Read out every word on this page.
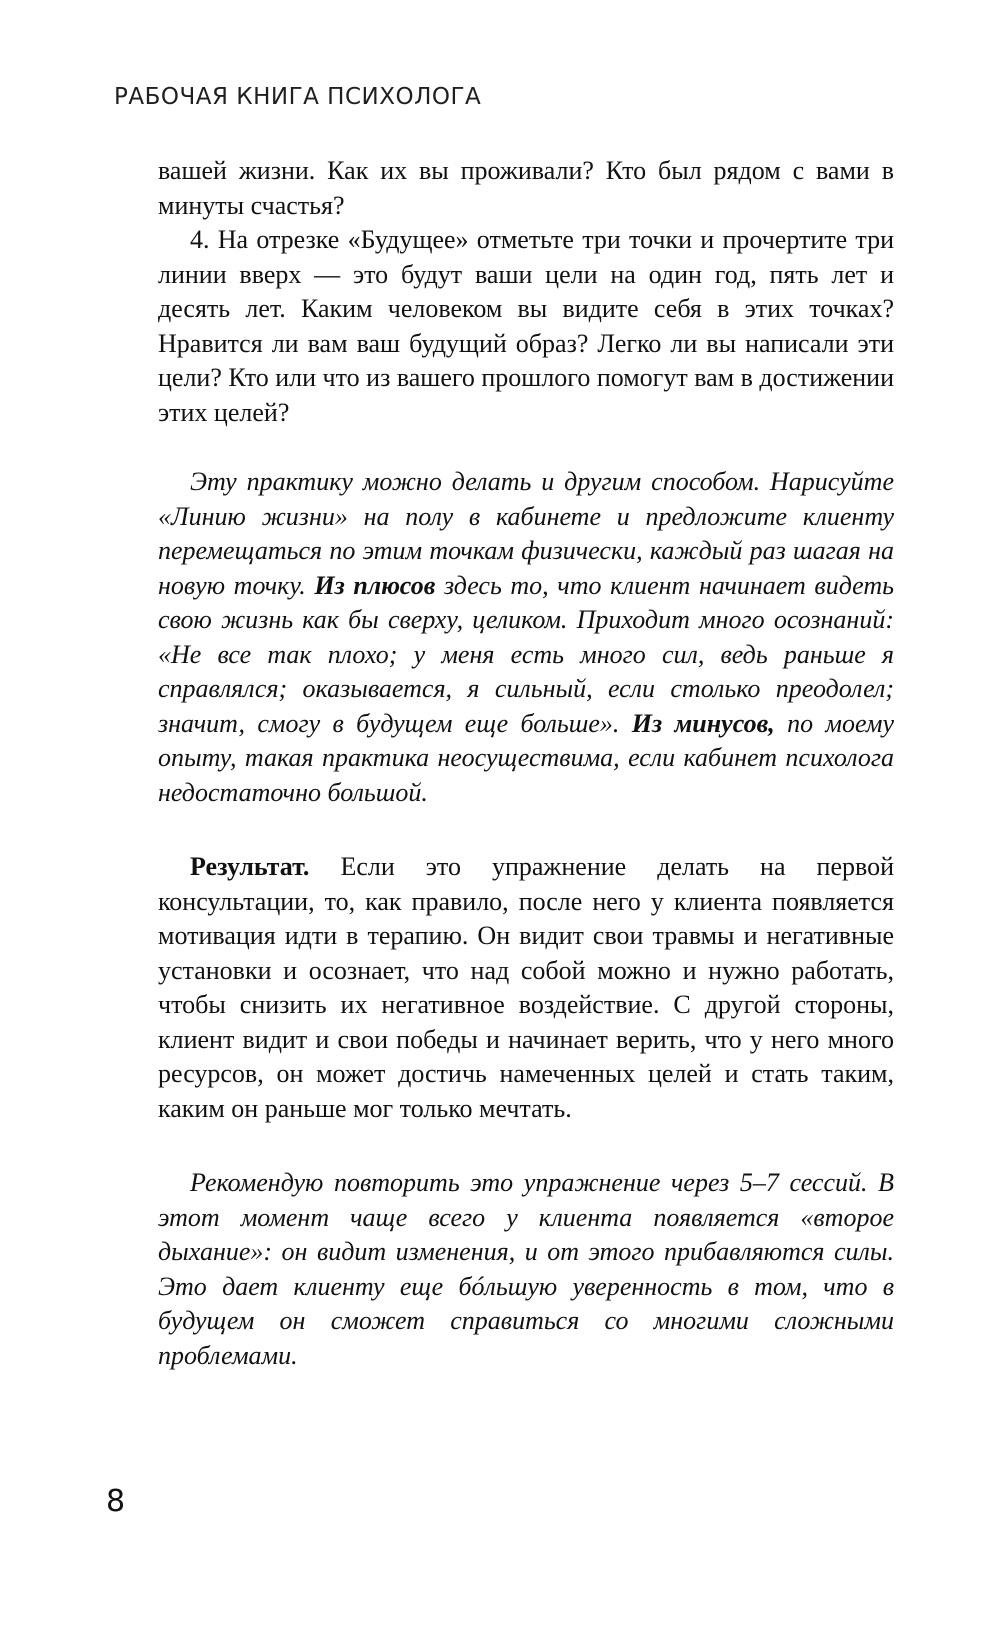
РАБОЧАЯ КНИГА ПСИХОЛОГА

вашей жизни. Как их вы проживали? Кто был рядом с вами в минуты счастья?

4. На отрезке «Будущее» отметьте три точки и прочертите три линии вверх — это будут ваши цели на один год, пять лет и десять лет. Каким человеком вы видите себя в этих точках? Нравится ли вам ваш будущий образ? Легко ли вы написали эти цели? Кто или что из вашего прошлого помогут вам в достижении этих целей?

Эту практику можно делать и другим способом. Нарисуйте «Линию жизни» на полу в кабинете и предложите клиенту перемещаться по этим точкам физически, каждый раз шагая на новую точку. Из плюсов здесь то, что клиент начинает видеть свою жизнь как бы сверху, целиком. Приходит много осознаний: «Не все так плохо; у меня есть много сил, ведь раньше я справлялся; оказывается, я сильный, если столько преодолел; значит, смогу в будущем еще больше». Из минусов, по моему опыту, такая практика неосуществима, если кабинет психолога недостаточно большой.

Результат. Если это упражнение делать на первой консультации, то, как правило, после него у клиента появляется мотивация идти в терапию. Он видит свои травмы и негативные установки и осознает, что над собой можно и нужно работать, чтобы снизить их негативное воздействие. С другой стороны, клиент видит и свои победы и начинает верить, что у него много ресурсов, он может достичь намеченных целей и стать таким, каким он раньше мог только мечтать.

Рекомендую повторить это упражнение через 5–7 сессий. В этот момент чаще всего у клиента появляется «второе дыхание»: он видит изменения, и от этого прибавляются силы. Это дает клиенту еще бóльшую уверенность в том, что в будущем он сможет справиться со многими сложными проблемами.

8
